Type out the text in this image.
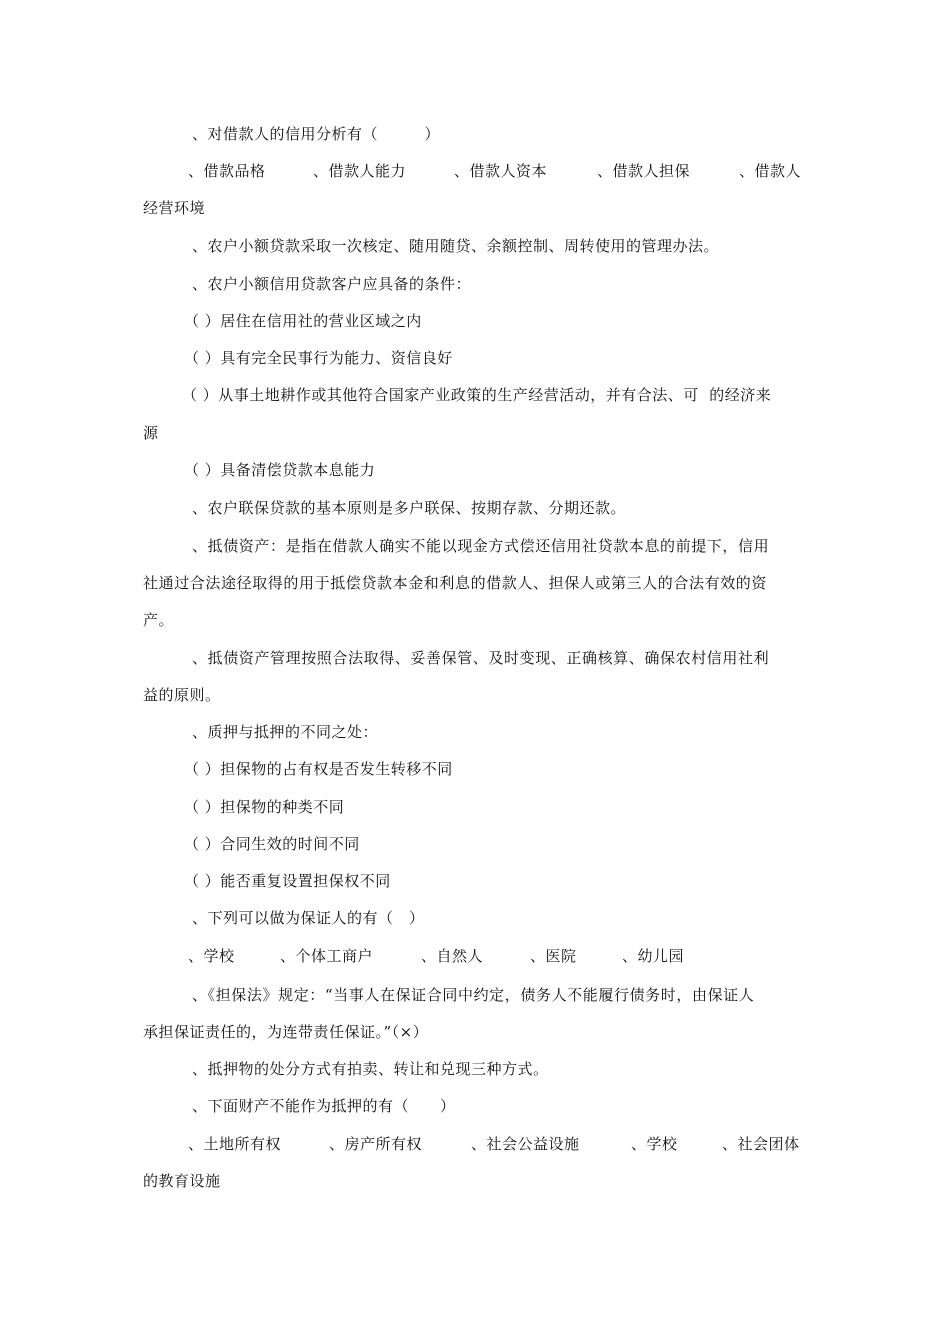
、对借款人的信用分析有（　　　）
、借款品格	、借款人能力	、借款人资本	、借款人担保	、借款人
经营环境
、农户小额贷款采取一次核定、随用随贷、余额控制、周转使用的管理办法。
、农户小额信用贷款客户应具备的条件：
（ ）居住在信用社的营业区域之内
（ ）具有完全民事行为能力、资信良好
（ ）从事土地耕作或其他符合国家产业政策的生产经营活动，并有合法、可  的经济来
源
（ ）具备清偿贷款本息能力
、农户联保贷款的基本原则是多户联保、按期存款、分期还款。
、抵债资产：是指在借款人确实不能以现金方式偿还信用社贷款本息的前提下，信用
社通过合法途径取得的用于抵偿贷款本金和利息的借款人、担保人或第三人的合法有效的资
产。
、抵债资产管理按照合法取得、妥善保管、及时变现、正确核算、确保农村信用社利
益的原则。
、质押与抵押的不同之处：
（ ）担保物的占有权是否发生转移不同
（ ）担保物的种类不同
（ ）合同生效的时间不同
（ ）能否重复设置担保权不同
、下列可以做为保证人的有（　）
、学校	、个体工商户	、自然人	、医院	、幼儿园
、《担保法》规定：“当事人在保证合同中约定，债务人不能履行债务时，由保证人
承担保证责任的，为连带责任保证。”（×）
、抵押物的处分方式有拍卖、转让和兑现三种方式。
、下面财产不能作为抵押的有（　　）
、土地所有权	、房产所有权	、社会公益设施	、学校	、社会团体
的教育设施
